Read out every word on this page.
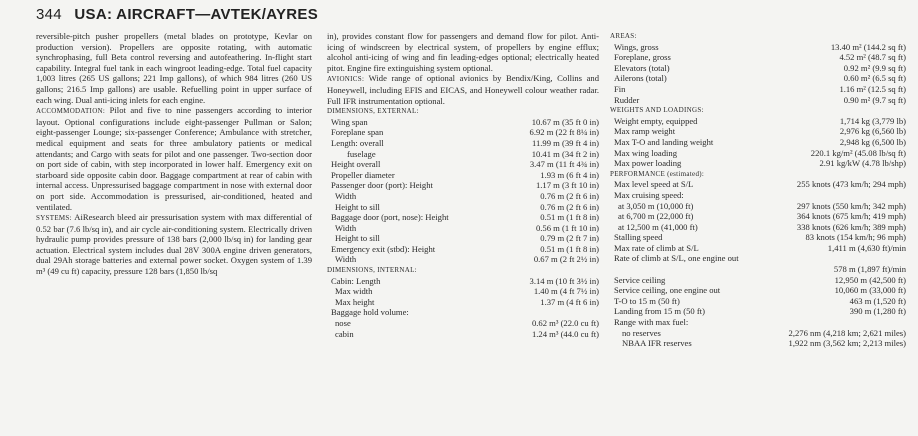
344 USA: AIRCRAFT—AVTEK/AYRES
reversible-pitch pusher propellers (metal blades on prototype, Kevlar on production version). Propellers are opposite rotating, with automatic synchrophasing, full Beta control reversing and autofeathering. In-flight start capability. Integral fuel tank in each wingroot leading-edge. Total fuel capacity 1,003 litres (265 US gallons; 221 Imp gallons), of which 984 litres (260 US gallons; 216.5 Imp gallons) are usable. Refuelling point in upper surface of each wing. Dual anti-icing inlets for each engine.
ACCOMMODATION: Pilot and five to nine passengers according to interior layout. Optional configurations include eight-passenger Pullman or Salon; eight-passenger Lounge; six-passenger Conference; Ambulance with stretcher, medical equipment and seats for three ambulatory patients or medical attendants; and Cargo with seats for pilot and one passenger. Two-section door on port side of cabin, with step incorporated in lower half. Emergency exit on starboard side opposite cabin door. Baggage compartment at rear of cabin with internal access. Unpressurised baggage compartment in nose with external door on port side. Accommodation is pressurised, air-conditioned, heated and ventilated.
SYSTEMS: AiResearch bleed air pressurisation system with max differential of 0.52 bar (7.6 lb/sq in), and air cycle air-conditioning system. Electrically driven hydraulic pump provides pressure of 138 bars (2,000 lb/sq in) for landing gear actuation. Electrical system includes dual 28V 300A engine driven generators, dual 29Ah storage batteries and external power socket. Oxygen system of 1.39 m³ (49 cu ft) capacity, pressure 128 bars (1,850 lb/sq
in), provides constant flow for passengers and demand flow for pilot. Anti-icing of windscreen by electrical system, of propellers by engine efflux; alcohol anti-icing of wing and fin leading-edges optional; electrically heated pitot. Engine fire extinguishing system optional.
AVIONICS: Wide range of optional avionics by Bendix/King, Collins and Honeywell, including EFIS and EICAS, and Honeywell colour weather radar. Full IFR instrumentation optional.
DIMENSIONS, EXTERNAL:
Wing span	10.67 m (35 ft 0 in)
Foreplane span	6.92 m (22 ft 8¼ in)
Length: overall	11.99 m (39 ft 4 in)
fuselage	10.41 m (34 ft 2 in)
Height overall	3.47 m (11 ft 4¾ in)
Propeller diameter	1.93 m (6 ft 4 in)
Passenger door (port): Height	1.17 m (3 ft 10 in)
Width	0.76 m (2 ft 6 in)
Height to sill	0.76 m (2 ft 6 in)
Baggage door (port, nose): Height	0.51 m (1 ft 8 in)
Width	0.56 m (1 ft 10 in)
Height to sill	0.79 m (2 ft 7 in)
Emergency exit (stbd): Height	0.51 m (1 ft 8 in)
Width	0.67 m (2 ft 2½ in)
DIMENSIONS, INTERNAL:
Cabin: Length	3.14 m (10 ft 3½ in)
Max width	1.40 m (4 ft 7½ in)
Max height	1.37 m (4 ft 6 in)
Baggage hold volume:
nose	0.62 m³ (22.0 cu ft)
cabin	1.24 m³ (44.0 cu ft)
AREAS:
Wings, gross	13.40 m² (144.2 sq ft)
Foreplane, gross	4.52 m² (48.7 sq ft)
Elevators (total)	0.92 m² (9.9 sq ft)
Ailerons (total)	0.60 m² (6.5 sq ft)
Fin	1.16 m² (12.5 sq ft)
Rudder	0.90 m² (9.7 sq ft)
WEIGHTS AND LOADINGS:
Weight empty, equipped	1,714 kg (3,779 lb)
Max ramp weight	2,976 kg (6,560 lb)
Max T-O and landing weight	2,948 kg (6,500 lb)
Max wing loading	220.1 kg/m² (45.08 lb/sq ft)
Max power loading	2.91 kg/kW (4.78 lb/shp)
PERFORMANCE (estimated):
Max level speed at S/L	255 knots (473 km/h; 294 mph)
Max cruising speed:
at 3,050 m (10,000 ft)	297 knots (550 km/h; 342 mph)
at 6,700 m (22,000 ft)	364 knots (675 km/h; 419 mph)
at 12,500 m (41,000 ft)	338 knots (626 km/h; 389 mph)
Stalling speed	83 knots (154 km/h; 96 mph)
Max rate of climb at S/L	1,411 m (4,630 ft)/min
Rate of climb at S/L, one engine out
578 m (1,897 ft)/min
Service ceiling	12,950 m (42,500 ft)
Service ceiling, one engine out	10,060 m (33,000 ft)
T-O to 15 m (50 ft)	463 m (1,520 ft)
Landing from 15 m (50 ft)	390 m (1,280 ft)
Range with max fuel:
no reserves	2,276 nm (4,218 km; 2,621 miles)
NBAA IFR reserves	1,922 nm (3,562 km; 2,213 miles)
